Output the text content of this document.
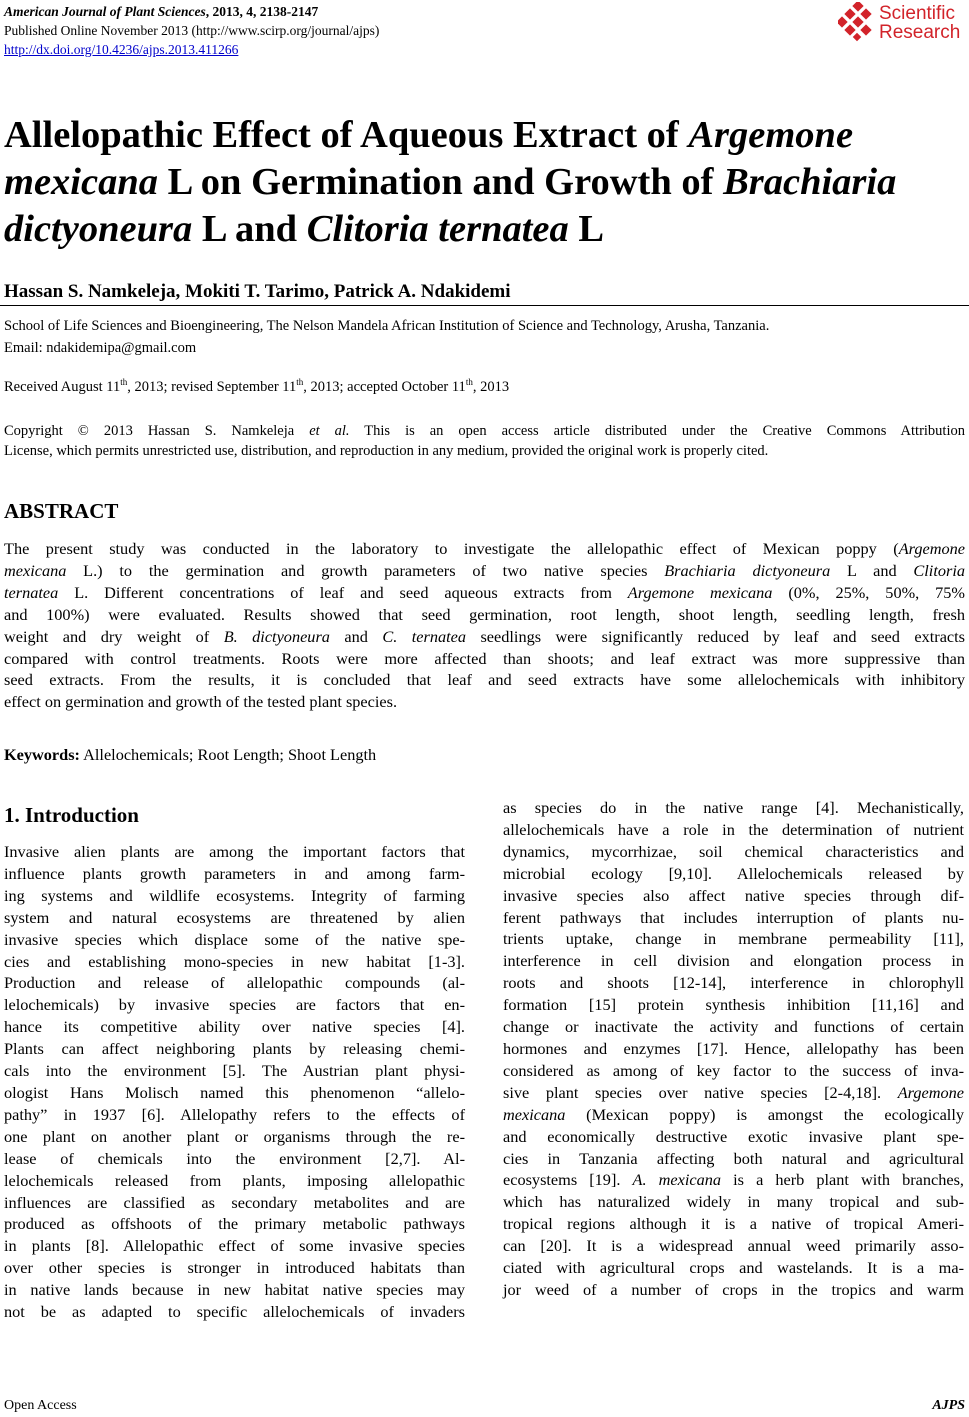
American Journal of Plant Sciences, 2013, 4, 2138-2147
Published Online November 2013 (http://www.scirp.org/journal/ajps)
http://dx.doi.org/10.4236/ajps.2013.411266
Scientific
Research
Allelopathic Effect of Aqueous Extract of Argemone
mexicana L on Germination and Growth of Brachiaria
dictyoneura L and Clitoria ternatea L
Hassan S. Namkeleja, Mokiti T. Tarimo, Patrick A. Ndakidemi
School of Life Sciences and Bioengineering, The Nelson Mandela African Institution of Science and Technology, Arusha, Tanzania.
Email: ndakidemipa@gmail.com
Received August 11th, 2013; revised September 11th, 2013; accepted October 11th, 2013
Copyright © 2013 Hassan S. Namkeleja et al. This is an open access article distributed under the Creative Commons Attribution
License, which permits unrestricted use, distribution, and reproduction in any medium, provided the original work is properly cited.
ABSTRACT
The present study was conducted in the laboratory to investigate the allelopathic effect of Mexican poppy (Argemone
mexicana L.) to the germination and growth parameters of two native species Brachiaria dictyoneura L and Clitoria
ternatea L. Different concentrations of leaf and seed aqueous extracts from Argemone mexicana (0%, 25%, 50%, 75%
and 100%) were evaluated. Results showed that seed germination, root length, shoot length, seedling length, fresh
weight and dry weight of B. dictyoneura and C. ternatea seedlings were significantly reduced by leaf and seed extracts
compared with control treatments. Roots were more affected than shoots; and leaf extract was more suppressive than
seed extracts. From the results, it is concluded that leaf and seed extracts have some allelochemicals with inhibitory
effect on germination and growth of the tested plant species.
Keywords: Allelochemicals; Root Length; Shoot Length
1. Introduction
Invasive alien plants are among the important factors that
influence plants growth parameters in and among farm-
ing systems and wildlife ecosystems. Integrity of farming
system and natural ecosystems are threatened by alien
invasive species which displace some of the native spe-
cies and establishing mono-species in new habitat [1-3].
Production and release of allelopathic compounds (al-
lelochemicals) by invasive species are factors that en-
hance its competitive ability over native species [4].
Plants can affect neighboring plants by releasing chemi-
cals into the environment [5]. The Austrian plant physi-
ologist Hans Molisch named this phenomenon “allelo-
pathy” in 1937 [6]. Allelopathy refers to the effects of
one plant on another plant or organisms through the re-
lease of chemicals into the environment [2,7]. Al-
lelochemicals released from plants, imposing allelopathic
influences are classified as secondary metabolites and are
produced as offshoots of the primary metabolic pathways
in plants [8]. Allelopathic effect of some invasive species
over other species is stronger in introduced habitats than
in native lands because in new habitat native species may
not be as adapted to specific allelochemicals of invaders
as species do in the native range [4]. Mechanistically,
allelochemicals have a role in the determination of nutrient
dynamics, mycorrhizae, soil chemical characteristics and
microbial ecology [9,10]. Allelochemicals released by
invasive species also affect native species through dif-
ferent pathways that includes interruption of plants nu-
trients uptake, change in membrane permeability [11],
interference in cell division and elongation process in
roots and shoots [12-14], interference in chlorophyll
formation [15] protein synthesis inhibition [11,16] and
change or inactivate the activity and functions of certain
hormones and enzymes [17]. Hence, allelopathy has been
considered as among of key factor to the success of inva-
sive plant species over native species [2-4,18]. Argemone
mexicana (Mexican poppy) is amongst the ecologically
and economically destructive exotic invasive plant spe-
cies in Tanzania affecting both natural and agricultural
ecosystems [19]. A. mexicana is a herb plant with branches,
which has naturalized widely in many tropical and sub-
tropical regions although it is a native of tropical Ameri-
can [20]. It is a widespread annual weed primarily asso-
ciated with agricultural crops and wastelands. It is a ma-
jor weed of a number of crops in the tropics and warm
Open Access	AJPS
